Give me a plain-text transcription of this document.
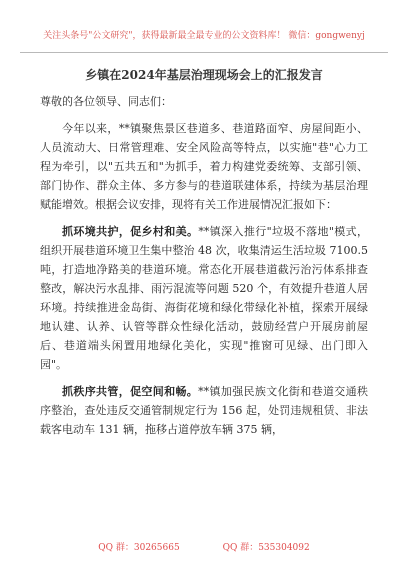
关注头条号"公文研究"，获得最新最全最专业的公文资料库！ 微信：gongwenyj
乡镇在2024年基层治理现场会上的汇报发言

尊敬的各位领导、同志们：

今年以来，**镇聚焦景区巷道多、巷道路面窄、房屋间距小、人员流动大、日常管理难、安全风险高等特点，以实施"巷"心力工程为牵引，以"五共五和"为抓手，着力构建党委统筹、支部引领、部门协作、群众主体、多方参与的巷道联建体系，持续为基层治理赋能增效。根据会议安排，现将有关工作进展情况汇报如下：

抓环境共护，促乡村和美。**镇深入推行"垃圾不落地"模式，组织开展巷道环境卫生集中整治 48 次，收集清运生活垃圾 7100.5 吨，打造地净路美的巷道环境。常态化开展巷道截污治污体系排查整改，解决污水乱排、雨污混流等问题 520 个，有效提升巷道人居环境。持续推进金岛街、海街花境和绿化带绿化补植，探索开展绿地认建、认养、认管等群众性绿化活动，鼓励经营户开展房前屋后、巷道端头闲置用地绿化美化，实现"推窗可见绿、出门即入园"。

抓秩序共管，促空间和畅。**镇加强民族文化街和巷道交通秩序整治，查处违反交通管制规定行为 156 起，处罚违规租赁、非法载客电动车 131 辆，拖移占道停放车辆 375 辆，

QQ 群：30265665	QQ 群：535304092
